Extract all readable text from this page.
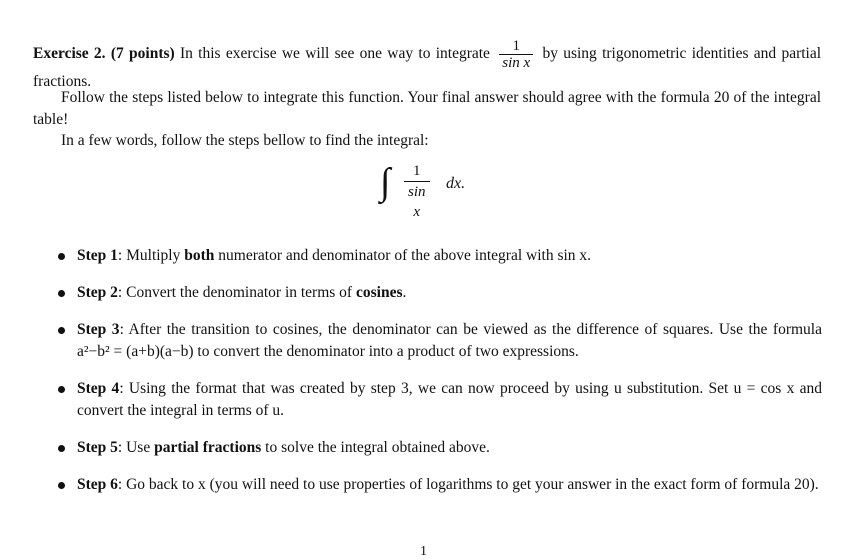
Exercise 2. (7 points) In this exercise we will see one way to integrate $\frac{1}{\text{sin x}}$ by using trigonometric identities and partial fractions.
Follow the steps listed below to integrate this function. Your final answer should agree with the formula 20 of the integral table!
In a few words, follow the steps bellow to find the integral:
∫ $\frac{1}{\text{sin x}}$ dx.
Step 1: Multiply both numerator and denominator of the above integral with sin x.
Step 2: Convert the denominator in terms of cosines.
Step 3: After the transition to cosines, the denominator can be viewed as the difference of squares. Use the formula a²−b² = (a+b)(a−b) to convert the denominator into a product of two expressions.
Step 4: Using the format that was created by step 3, we can now proceed by using u substitution. Set u = cos x and convert the integral in terms of u.
Step 5: Use partial fractions to solve the integral obtained above.
Step 6: Go back to x (you will need to use properties of logarithms to get your answer in the exact form of formula 20).
1
